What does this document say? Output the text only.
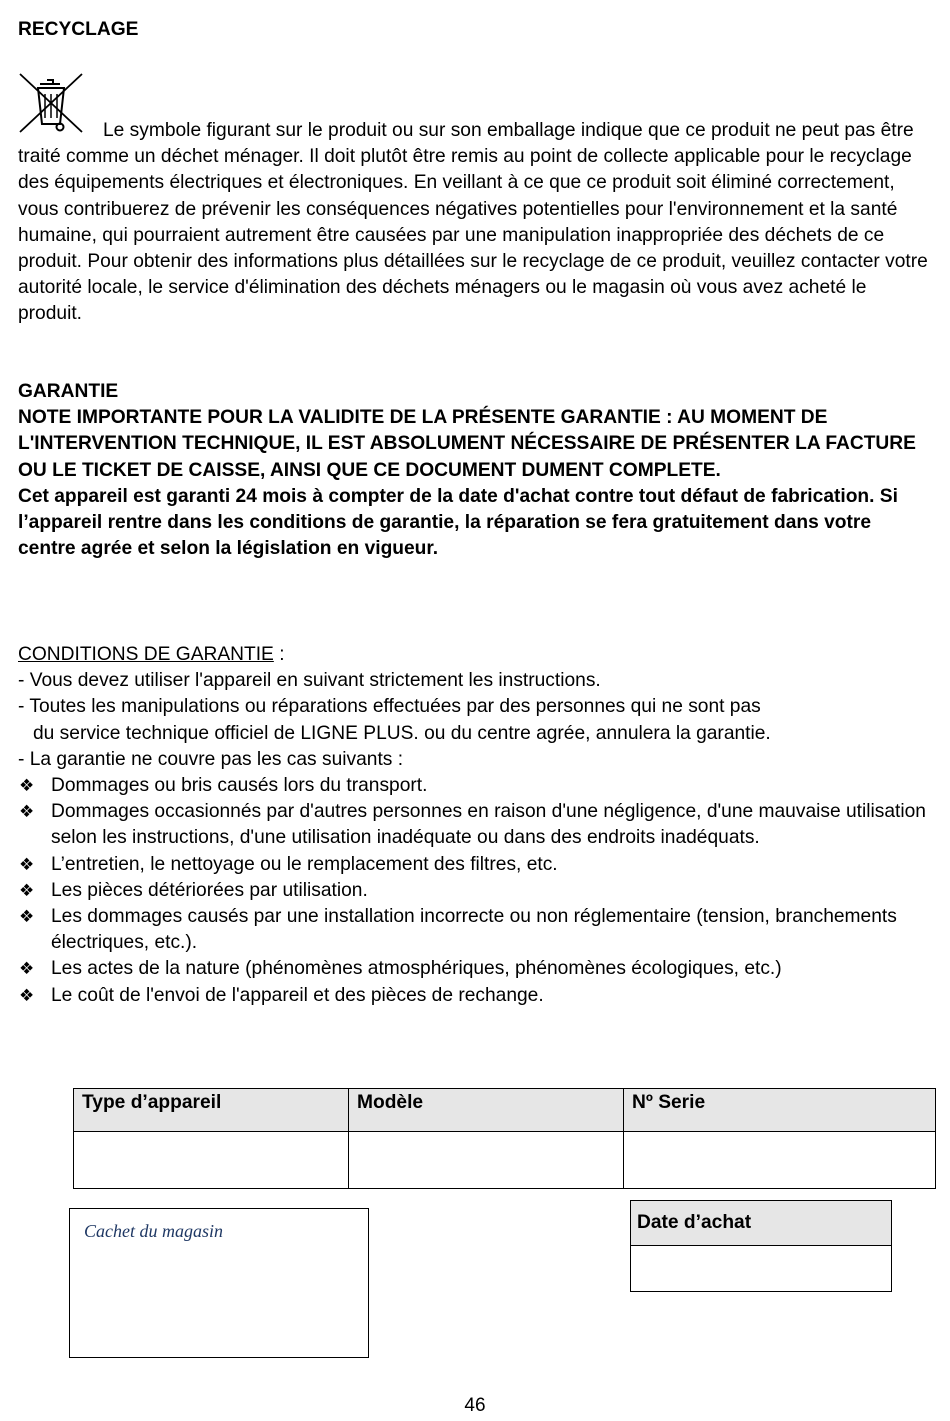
RECYCLAGE
Le symbole figurant sur le produit ou sur son emballage indique que ce produit ne peut pas être traité comme un déchet ménager. Il doit plutôt être remis au point de collecte applicable pour le recyclage des équipements électriques et électroniques. En veillant à ce que ce produit soit éliminé correctement, vous contribuerez de prévenir les conséquences négatives potentielles pour l'environnement et la santé humaine, qui pourraient autrement être causées par une manipulation inappropriée des déchets de ce produit. Pour obtenir des informations plus détaillées sur le recyclage de ce produit, veuillez contacter votre autorité locale, le service d'élimination des déchets ménagers ou le magasin où vous avez acheté le produit.
GARANTIE
NOTE IMPORTANTE POUR LA VALIDITE DE LA PRÉSENTE GARANTIE : AU MOMENT DE L'INTERVENTION TECHNIQUE, IL EST ABSOLUMENT NÉCESSAIRE DE PRÉSENTER LA FACTURE OU LE TICKET DE CAISSE, AINSI QUE CE DOCUMENT DUMENT COMPLETE.
Cet appareil est garanti 24 mois à compter de la date d'achat contre tout défaut de fabrication. Si l’appareil rentre dans les conditions de garantie, la réparation se fera gratuitement dans votre centre agrée et selon la législation en vigueur.
CONDITIONS DE GARANTIE :

- Vous devez utiliser l'appareil en suivant strictement les instructions.

- Toutes les manipulations ou réparations effectuées par des personnes qui ne sont pas

du service technique officiel de LIGNE PLUS. ou du centre agrée, annulera la garantie.

- La garantie ne couvre pas les cas suivants :

❖ Dommages ou bris causés lors du transport.
❖ Dommages occasionnés par d'autres personnes en raison d'une négligence, d'une mauvaise utilisation selon les instructions, d'une utilisation inadéquate ou dans des endroits inadéquats.
❖ L’entretien, le nettoyage ou le remplacement des filtres, etc.
❖ Les pièces détériorées par utilisation.
❖ Les dommages causés par une installation incorrecte ou non réglementaire (tension, branchements électriques, etc.).
❖ Les actes de la nature (phénomènes atmosphériques, phénomènes écologiques, etc.)
❖ Le coût de l'envoi de l'appareil et des pièces de rechange.
Type d’appareil	Modèle	Nº Serie

Cachet du magasin	Date d’achat

46
